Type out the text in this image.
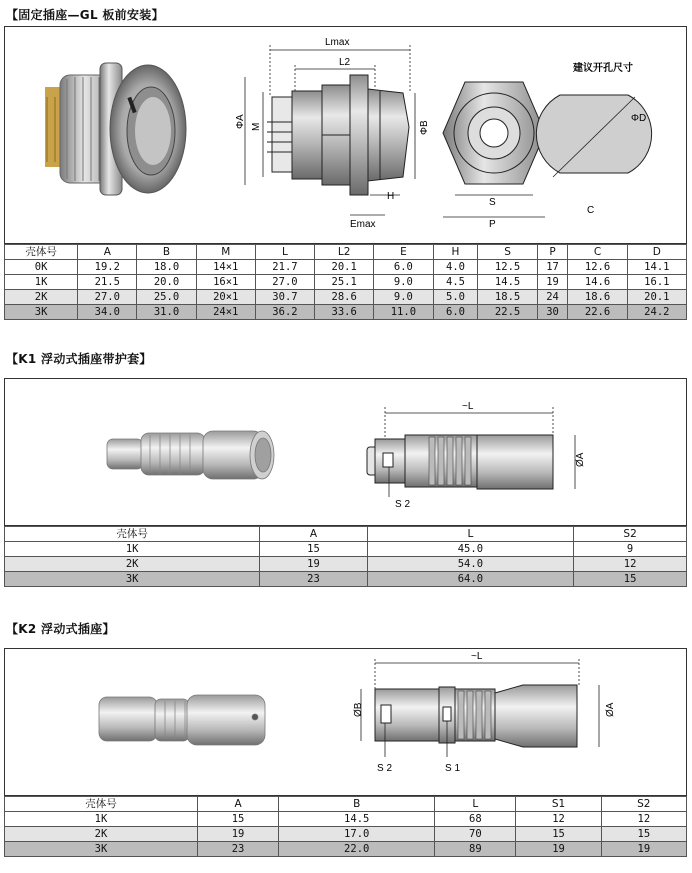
【固定插座—GL 板前安装】
Lmax
L2
ΦA M	ΦB
H
Emax
S
P
建议开孔尺寸
ΦD
C
壳体号	A	B	M	L	L2	E	H	S	P	C	D
0K	19.2	18.0	14×1	21.7	20.1	6.0	4.0	12.5	17	12.6	14.1
1K	21.5	20.0	16×1	27.0	25.1	9.0	4.5	14.5	19	14.6	16.1
2K	27.0	25.0	20×1	30.7	28.6	9.0	5.0	18.5	24	18.6	20.1
3K	34.0	31.0	24×1	36.2	33.6	11.0	6.0	22.5	30	22.6	24.2
【K1 浮动式插座带护套】
~L
ØA
S 2
壳体号	A	L	S2
1K	15	45.0	9
2K	19	54.0	12
3K	23	64.0	15
【K2 浮动式插座】
~L
ØB	ØA
S 2	S 1
壳体号	A	B	L	S1	S2
1K	15	14.5	68	12	12
2K	19	17.0	70	15	15
3K	23	22.0	89	19	19
